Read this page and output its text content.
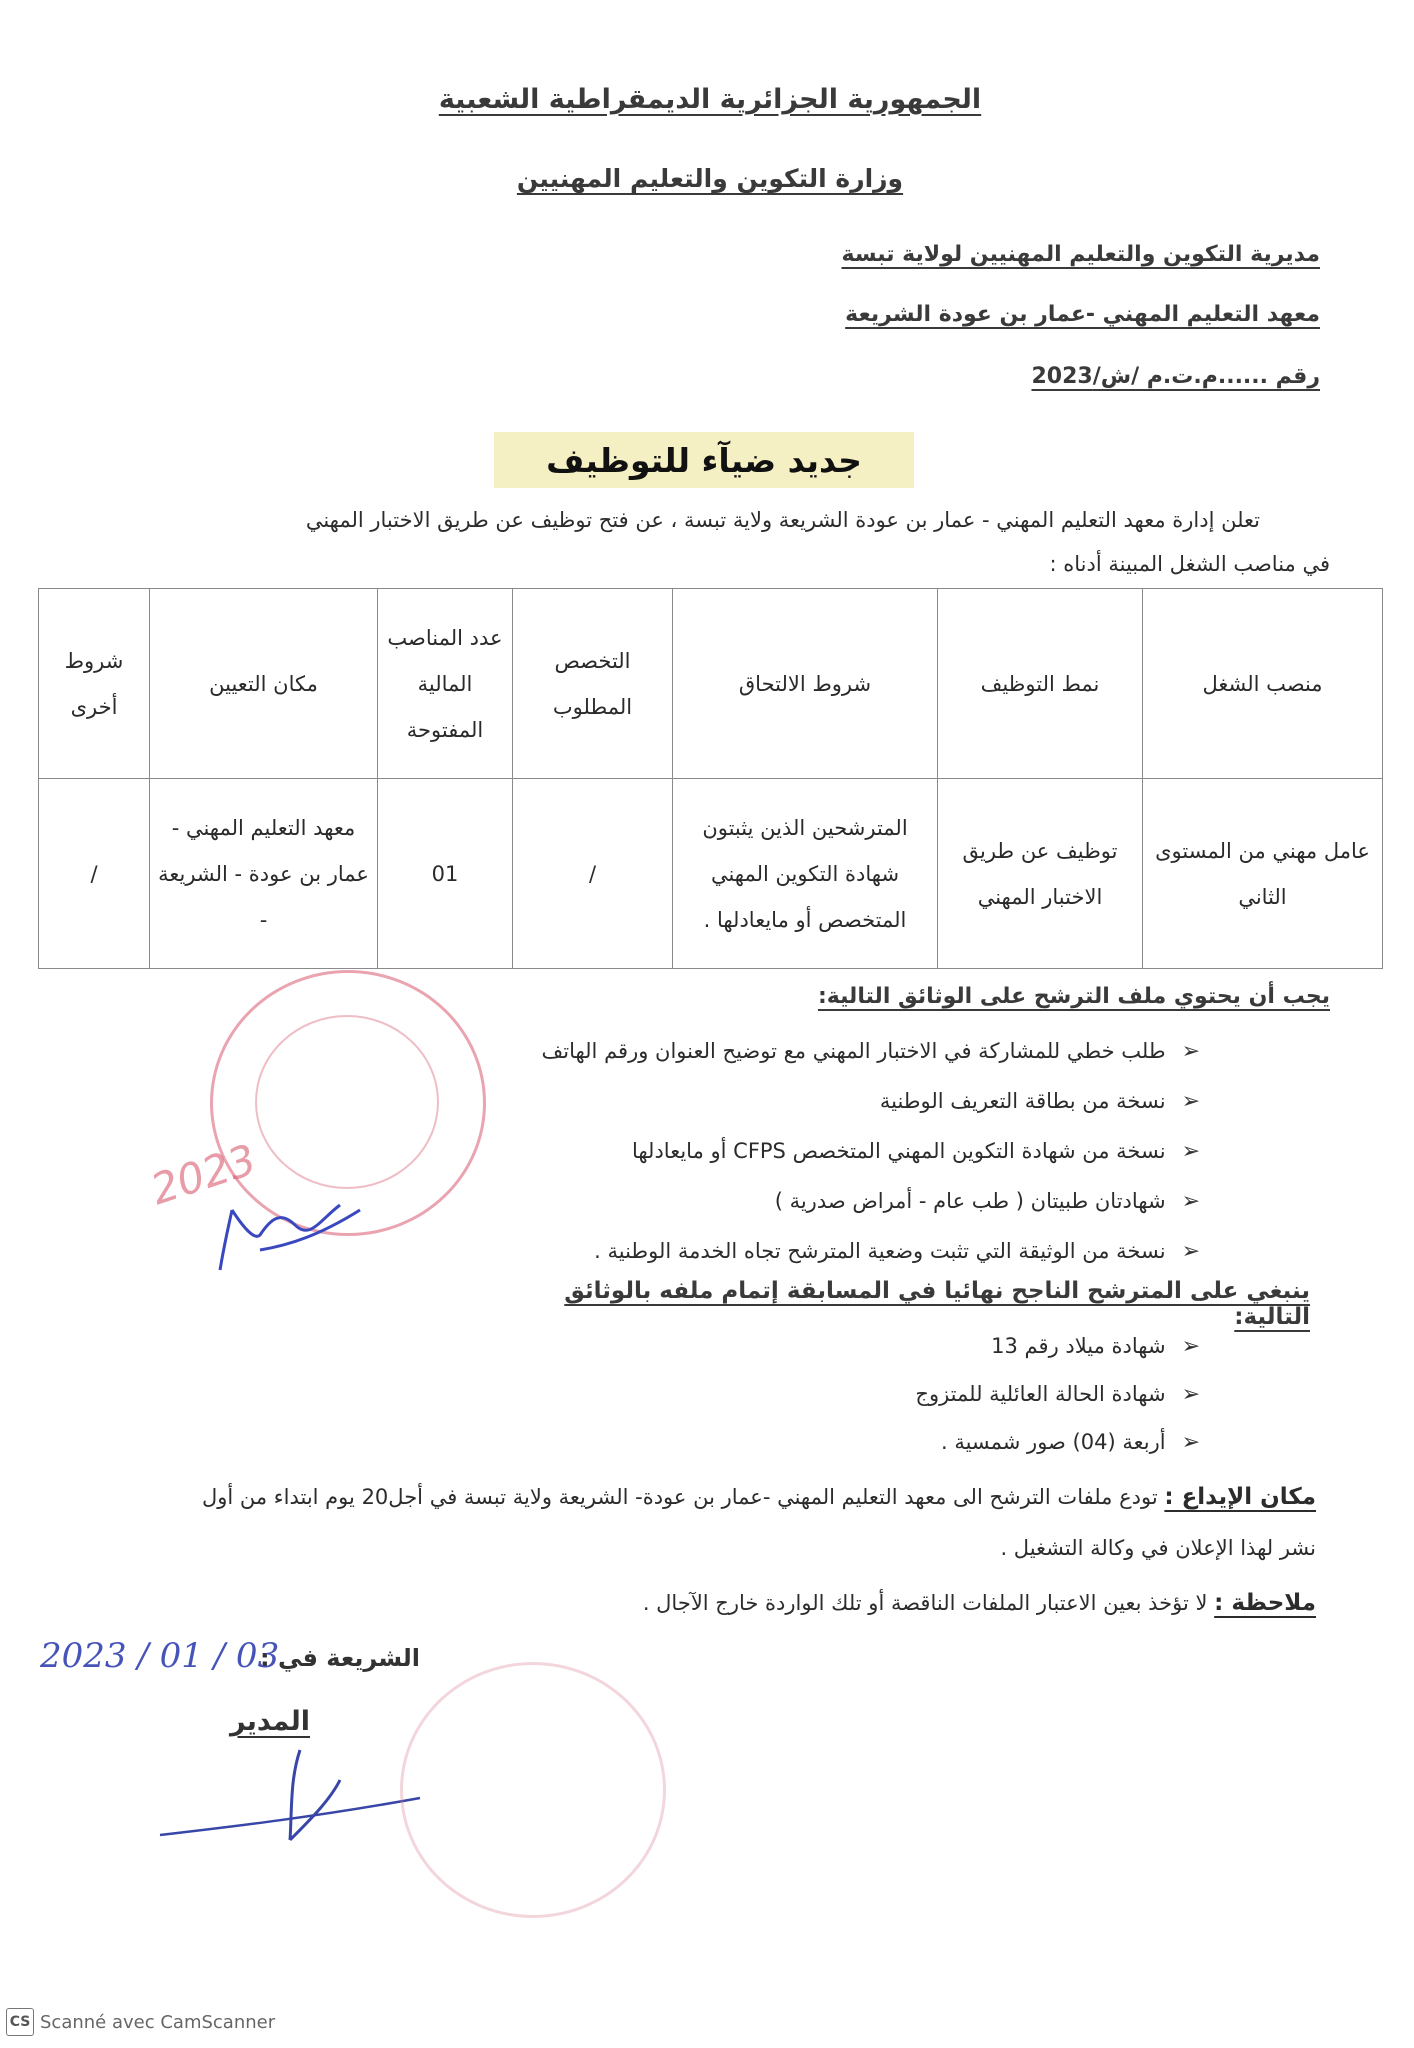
الجمهورية الجزائرية الديمقراطية الشعبية
وزارة التكوين والتعليم المهنيين
مديرية التكوين والتعليم المهنيين لولاية تبسة
معهد التعليم المهني -عمار بن عودة الشريعة
رقم ......م.ت.م /ش/2023
جديد ضيآء للتوظيف
تعلن إدارة معهد التعليم المهني - عمار بن عودة الشريعة ولاية تبسة ، عن فتح توظيف عن طريق الاختبار المهني
في مناصب الشغل المبينة أدناه :
منصب الشغل	نمط التوظيف	شروط الالتحاق	التخصص المطلوب	عدد المناصب المالية المفتوحة	مكان التعيين	شروط أخرى
عامل مهني من المستوى الثاني	توظيف عن طريق الاختبار المهني	المترشحين الذين يثبتون شهادة التكوين المهني المتخصص أو مايعادلها .	/	01	معهد التعليم المهني - عمار بن عودة - الشريعة -	/
يجب أن يحتوي ملف الترشح على الوثائق التالية:
➢
طلب خطي للمشاركة في الاختبار المهني مع توضيح العنوان ورقم الهاتف
➢
نسخة من بطاقة التعريف الوطنية
➢
نسخة من شهادة التكوين المهني المتخصص CFPS أو مايعادلها
➢
شهادتان طبيتان ( طب عام - أمراض صدرية )
➢
نسخة من الوثيقة التي تثبت وضعية المترشح تجاه الخدمة الوطنية .
ينبغي على المترشح الناجح نهائيا في المسابقة إتمام ملفه بالوثائق التالية:
➢
شهادة ميلاد رقم 13
➢
شهادة الحالة العائلية للمتزوج
➢
أربعة (04) صور شمسية .
مكان الإيداع : تودع ملفات الترشح الى معهد التعليم المهني -عمار بن عودة- الشريعة ولاية تبسة في أجل20 يوم ابتداء من أول
نشر لهذا الإعلان في وكالة التشغيل .
ملاحظة : لا تؤخذ بعين الاعتبار الملفات الناقصة أو تلك الواردة خارج الآجال .
الشريعة في :
2023 / 01 / 03
المدير
2023
CS Scanné avec CamScanner
